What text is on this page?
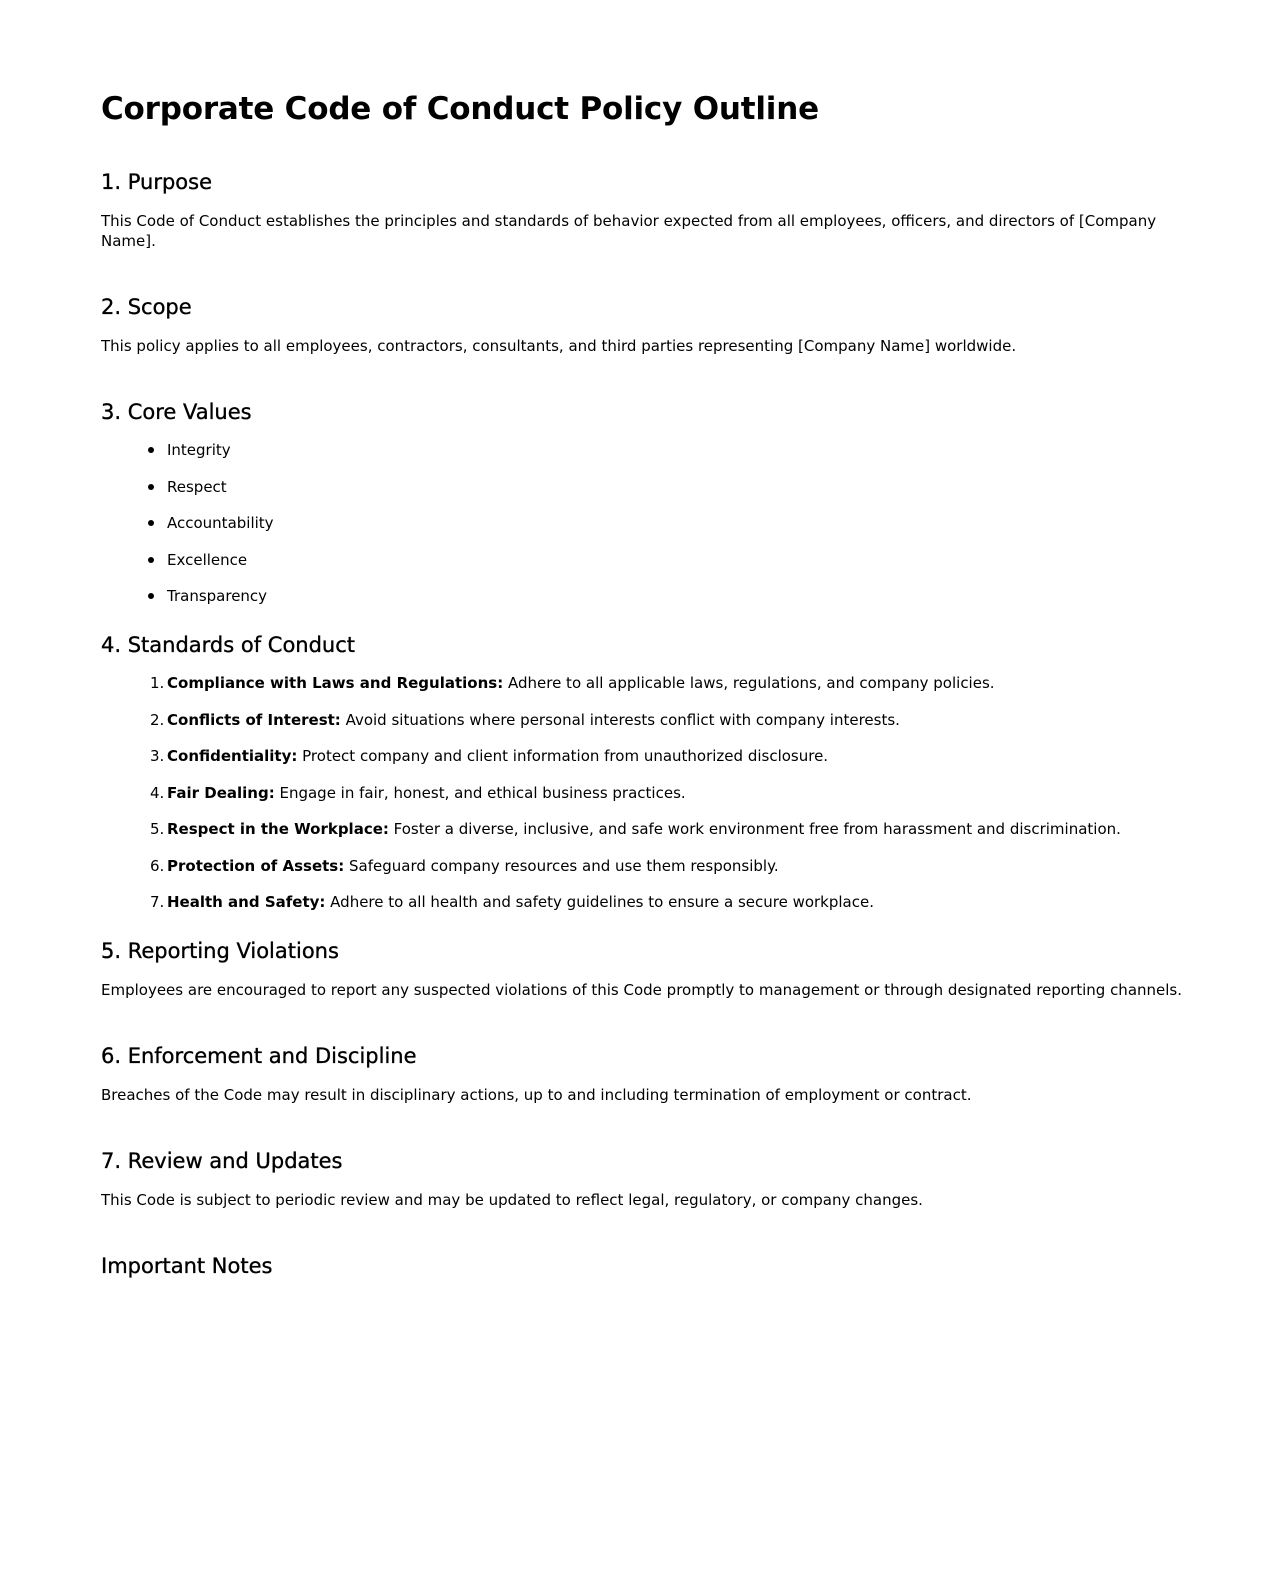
Corporate Code of Conduct Policy Outline
1. Purpose

This Code of Conduct establishes the principles and standards of behavior expected from all employees, officers, and directors of [Company Name].

2. Scope

This policy applies to all employees, contractors, consultants, and third parties representing [Company Name] worldwide.

3. Core Values
Integrity
Respect
Accountability
Excellence
Transparency
4. Standards of Conduct
1. Compliance with Laws and Regulations: Adhere to all applicable laws, regulations, and company policies.
2. Conflicts of Interest: Avoid situations where personal interests conflict with company interests.
3. Confidentiality: Protect company and client information from unauthorized disclosure.
4. Fair Dealing: Engage in fair, honest, and ethical business practices.
5. Respect in the Workplace: Foster a diverse, inclusive, and safe work environment free from harassment and discrimination.
6. Protection of Assets: Safeguard company resources and use them responsibly.
7. Health and Safety: Adhere to all health and safety guidelines to ensure a secure workplace.
5. Reporting Violations

Employees are encouraged to report any suspected violations of this Code promptly to management or through designated reporting channels.

6. Enforcement and Discipline

Breaches of the Code may result in disciplinary actions, up to and including termination of employment or contract.

7. Review and Updates

This Code is subject to periodic review and may be updated to reflect legal, regulatory, or company changes.

Important Notes
